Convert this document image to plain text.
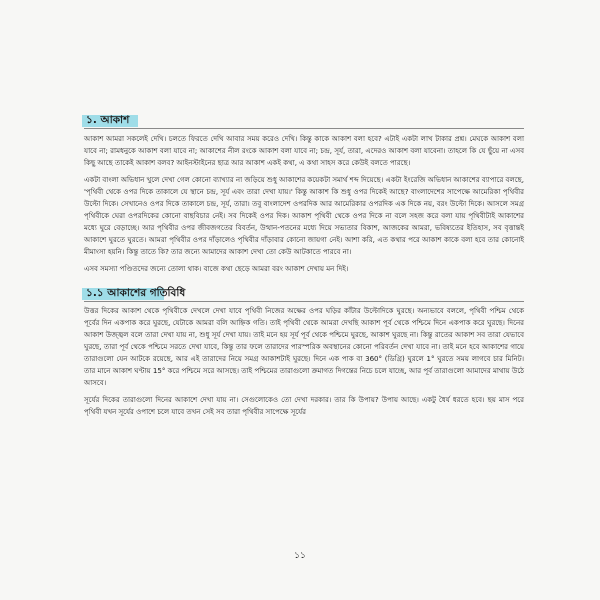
১. আকাশ

আকাশ আমরা সকলেই দেখি। চলতে ফিরতে দেখি আবার সময় করেও দেখি। কিন্তু কাকে আকাশ বলা হবে? এটাই একটা লাখ টাকার প্রশ্ন। মেঘকে আকাশ বলা যাবে না; রামধনুকে আকাশ বলা যাবে না; আকাশের নীল রংকে আকাশ বলা যাবে না; চন্দ্র, সূর্য, তারা, এদেরও আকাশ বলা যাবেনা। তাহলে কি যে ছুঁয়ে না এসব কিছু আছে তাকেই আকাশ বলব? আইনস্টাইনের ছাত্র আর আকাশ একই কথা, এ কথা সাহস করে কেউই বলতে পারছে।

একটা বাংলা অভিধান খুলে দেখা গেল কোনো ব্যাখ্যার না জড়িয়ে শুধু আকাশের কয়েকটা সমার্থ শব্দ দিয়েছে। একটা ইংরেজি অভিধান আকাশের ব্যাপারে বলছে, 'পৃথিবী থেকে ওপর দিকে তাকালে যে স্থানে চন্দ্র, সূর্য এবং তারা দেখা যায়।' কিন্তু আকাশ কি শুধু ওপর দিকেই আছে? বাংলাদেশের সাপেক্ষে আমেরিকা পৃথিবীর উল্টো দিকে। সেখানেও ওপর দিকে তাকালে চন্দ্র, সূর্য, তারা। তবু বাংলাদেশ ওপরদিক আর আমেরিকার ওপরদিক এক দিকে নয়, বরং উল্টো দিকে। আসলে সমগ্র পৃথিবীকে ঘেরা ওপরদিকের কোনো বাছবিচার নেই। সব দিকেই ওপর দিক। আকাশ পৃথিবী থেকে ওপর দিকে না বলে সহজ করে বলা যায় পৃথিবীটাই আকাশের মধ্যে ঘুরে বেড়াচ্ছে। আর পৃথিবীর ওপর জীবজগতের বিবর্তন, উত্থান-পতনের মধ্যে দিয়ে সভ্যতার বিকাশ, আজকের আমরা, ভবিষ্যতের ইতিহাস, সব বৃত্তান্তই আকাশে ঘুরতে ঘুরতে। আমরা পৃথিবীর ওপর দাঁড়ালেও পৃথিবীর দাঁড়াবার কোনো জায়গা নেই। আশা করি, এত কথার পরে আকাশ কাকে বলা হবে তার কোনোই মীমাংসা হয়নি। কিন্তু তাতে কি? তার জন্যে আমাদের আকাশ দেখা তো কেউ আটকাতে পারবে না।

এসব সমস্যা পণ্ডিতদের জন্যে তোলা থাক। বাজে কথা ছেড়ে আমরা বরং আকাশ দেখায় মন দিই।

১.১ আকাশের গতিবিধি

উত্তর দিকের আকাশ থেকে পৃথিবীকে দেখলে দেখা যাবে পৃথিবী নিজের অক্ষের ওপর ঘড়ির কাঁটার উল্টোদিকে ঘুরছে। অন্যভাবে বললে, পৃথিবী পশ্চিম থেকে পূর্বের দিন একপাক করে ঘুরছে, যেটাকে আমরা বলি আহ্নিক গতি। তাই পৃথিবী থেকে আমরা দেখছি আকাশ পূর্ব থেকে পশ্চিমে দিনে একপাক করে ঘুরছে। দিনের আকাশ উজ্জ্বল বলে তারা দেখা যায় না, শুধু সূর্য দেখা যায়। তাই মনে হয় সূর্য পূর্ব থেকে পশ্চিমে ঘুরছে, আকাশ ঘুরছে না। কিন্তু রাতের আকাশ সব তারা যেভাবে ঘুরছে, তারা পূর্ব থেকে পশ্চিমে সরতে দেখা যাবে, কিন্তু তার ফলে তারাদের পারস্পরিক অবস্থানের কোনো পরিবর্তন দেখা যাবে না। তাই মনে হবে আকাশের গায়ে তারাগুলো যেন আটকে রয়েছে, আর এই তারাদের নিয়ে সমগ্র আকাশটাই ঘুরছে। দিনে এক পাক বা 360° (ডিগ্রি) ঘুরলে 1° ঘুরতে সময় লাগবে চার মিনিট। তার মানে আকাশ ঘণ্টায় 15° করে পশ্চিমে সরে আসছে। তাই পশ্চিমের তারাগুলো ক্রমাগত দিগন্তের নিচে চলে যাচ্ছে, আর পূর্ব তারাগুলো আমাদের মাথায় উঠে আসবে।

সূর্যের দিকের তারাগুলো দিনের আকাশে দেখা যায় না। সেগুলোকেও তো দেখা দরকার। তার কি উপায়? উপায় আছে। একটু ধৈর্য ধরতে হবে। ছয় মাস পরে পৃথিবী যখন সূর্যের ওপাশে চলে যাবে তখন সেই সব তারা পৃথিবীর সাপেক্ষে সূর্যের

১১
